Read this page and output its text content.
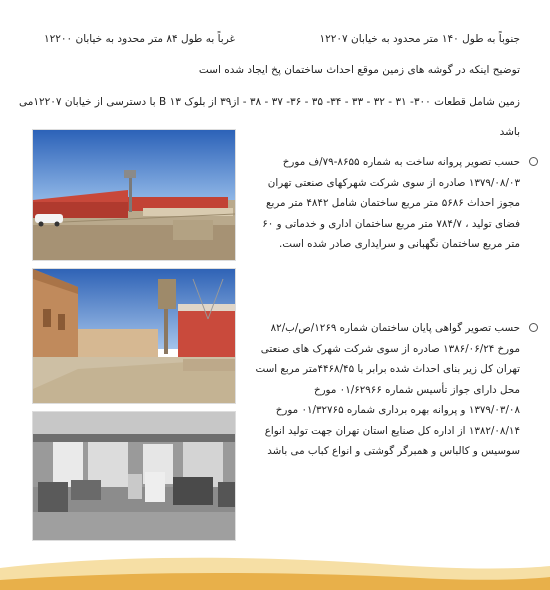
جنوباً به طول ۱۴۰ متر محدود به خیابان ۱۲۲۰۷
غرباً به طول ۸۴ متر محدود به خیابان ۱۲۲۰۰
توضیح اینکه در گوشه های زمین موقع احداث ساختمان پخ ایجاد شده است
زمین شامل قطعات ۳۰۰- ۳۱ - ۳۲ - ۳۳ - ۳۴- ۳۵ - ۳۶- ۳۷ - ۳۸ - از۳۹ از بلوک B ۱۳ با دسترسی از خیابان ۱۲۲۰۷می
باشد
حسب تصویر پروانه ساخت به شماره ۸۶۵۵-۷۹/ف مورخ
۱۳۷۹/۰۸/۰۳ صادره از سوی شرکت شهرکهای صنعتی تهران
مجوز احداث ۵۶۸۶ متر مربع ساختمان شامل ۴۸۴۲ متر مربع
فضای تولید ، ۷۸۴/۷ متر مربع ساختمان اداری و خدماتی و ۶۰
متر مربع ساختمان نگهبانی و سرایداری صادر شده است.
حسب تصویر گواهی پایان ساختمان شماره ۱۲۶۹/ص/ب/۸۲
مورخ ۱۳۸۶/۰۶/۲۴ صادره از سوی شرکت شهرک های صنعتی
تهران کل زیر بنای احداث شده برابر با ۴۴۶۸/۴۵متر مربع است
محل دارای جواز تأسیس شماره ۰۱/۶۲۹۶۶ مورخ
۱۳۷۹/۰۳/۰۸ و پروانه بهره برداری شماره ۰۱/۳۲۷۶۵ مورخ
۱۳۸۲/۰۸/۱۴ از اداره کل صنایع استان تهران جهت تولید انواع
سوسیس و کالباس و همبرگر گوشتی و انواع کباب می باشد
